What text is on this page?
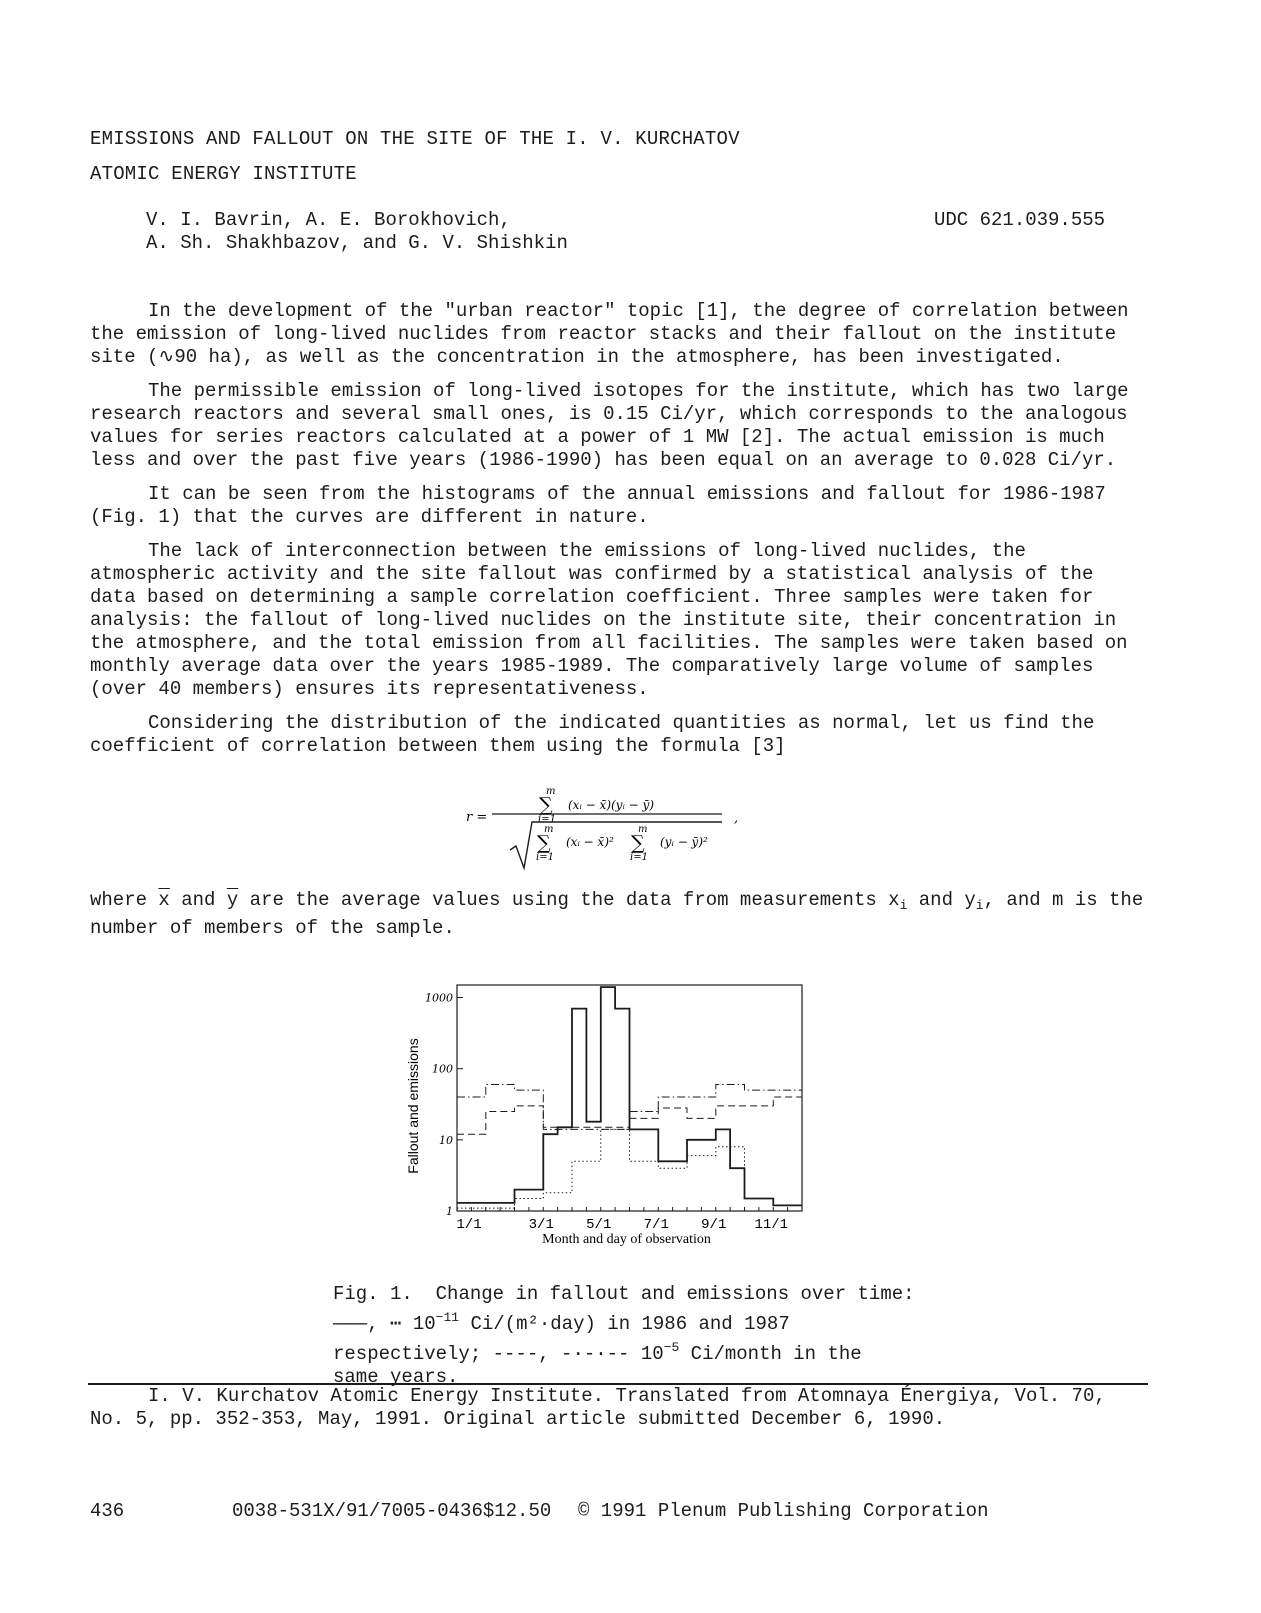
EMISSIONS AND FALLOUT ON THE SITE OF THE I. V. KURCHATOV
ATOMIC ENERGY INSTITUTE
V. I. Bavrin, A. E. Borokhovich,
A. Sh. Shakhbazov, and G. V. Shishkin
UDC 621.039.555

In the development of the "urban reactor" topic [1], the degree of correlation between the emission of long-lived nuclides from reactor stacks and their fallout on the institute site (∿90 ha), as well as the concentration in the atmosphere, has been investigated.

The permissible emission of long-lived isotopes for the institute, which has two large research reactors and several small ones, is 0.15 Ci/yr, which corresponds to the analogous values for series reactors calculated at a power of 1 MW [2]. The actual emission is much less and over the past five years (1986-1990) has been equal on an average to 0.028 Ci/yr.

It can be seen from the histograms of the annual emissions and fallout for 1986-1987 (Fig. 1) that the curves are different in nature.

The lack of interconnection between the emissions of long-lived nuclides, the atmospheric activity and the site fallout was confirmed by a statistical analysis of the data based on determining a sample correlation coefficient. Three samples were taken for analysis: the fallout of long-lived nuclides on the institute site, their concentration in the atmosphere, and the total emission from all facilities. The samples were taken based on monthly average data over the years 1985-1989. The comparatively large volume of samples (over 40 members) ensures its representativeness.

Considering the distribution of the indicated quantities as normal, let us find the coefficient of correlation between them using the formula [3]

r =
m
∑
i=1
(xᵢ − x̄)(yᵢ − ȳ)
m
∑
i=1
(xᵢ − x̄)²
m
∑
i=1
(yᵢ − ȳ)²
,

where $\overline{x}$ and $\overline{y}$ are the average values using the data from measurements $x_i$ and $y_i$, and m is the number of members of the sample.

1
10
100
1000
1/1	3/1 5/1 7/1 9/1 11/1
Month and day of observation
Fallout and emissions

Fig. 1. Change in fallout and emissions over time:

———, ⋯ $10^{-11}$ Ci/(m²·day) in 1986 and 1987

respectively; ----, -·-·-- $10^{-5}$ Ci/month in the

same years.

I. V. Kurchatov Atomic Energy Institute. Translated from Atomnaya Énergiya, Vol. 70, No. 5, pp. 352-353, May, 1991. Original article submitted December 6, 1990.

436	0038-531X/91/7005-0436$12.50 © 1991 Plenum Publishing Corporation
